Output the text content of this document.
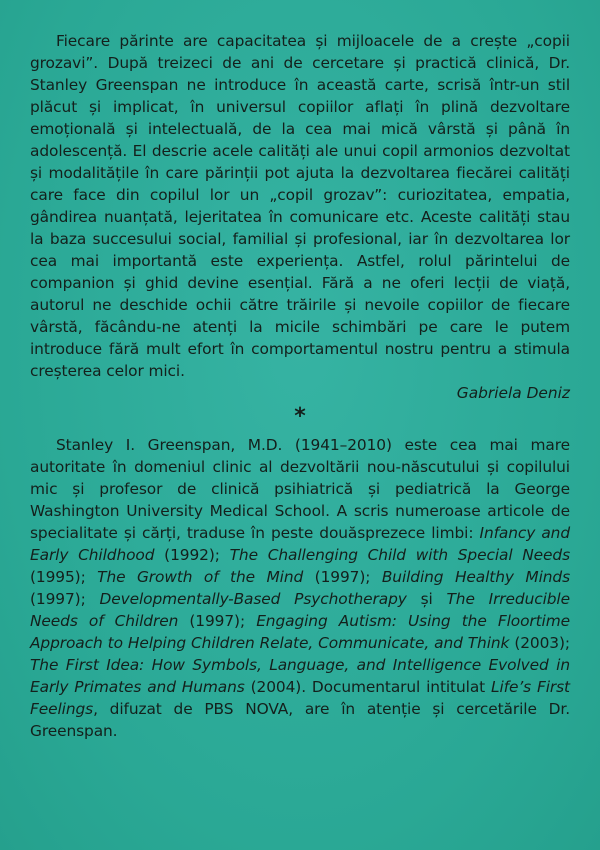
Fiecare părinte are capacitatea și mijloacele de a crește „copii grozavi”. După treizeci de ani de cercetare și practică clinică, Dr. Stanley Greenspan ne introduce în această carte, scrisă într-un stil plăcut și implicat, în universul copiilor aflați în plină dezvoltare emoțională și intelectuală, de la cea mai mică vârstă și până în adolescență. El descrie acele calități ale unui copil armonios dezvoltat și modalitățile în care părinții pot ajuta la dezvoltarea fiecărei calități care face din copilul lor un „copil grozav”: curiozitatea, empatia, gândirea nuanțată, lejeritatea în comunicare etc. Aceste calități stau la baza succesului social, familial și profesional, iar în dezvoltarea lor cea mai importantă este experiența. Astfel, rolul părintelui de companion și ghid devine esențial. Fără a ne oferi lecții de viață, autorul ne deschide ochii către trăirile și nevoile copiilor de fiecare vârstă, făcându-ne atenți la micile schimbări pe care le putem introduce fără mult efort în comportamentul nostru pentru a stimula creșterea celor mici.

Gabriela Deniz

*

Stanley I. Greenspan, M.D. (1941–2010) este cea mai mare autoritate în domeniul clinic al dezvoltării nou-născutului și copilului mic și profesor de clinică psihiatrică și pediatrică la George Washington University Medical School. A scris numeroase articole de specialitate și cărți, traduse în peste douăsprezece limbi: Infancy and Early Childhood (1992); The Challenging Child with Special Needs (1995); The Growth of the Mind (1997); Building Healthy Minds (1997); Developmentally-Based Psychotherapy și The Irreducible Needs of Children (1997); Engaging Autism: Using the Floortime Approach to Helping Children Relate, Communicate, and Think (2003); The First Idea: How Symbols, Language, and Intelligence Evolved in Early Primates and Humans (2004). Documentarul intitulat Life’s First Feelings, difuzat de PBS NOVA, are în atenție și cercetările Dr. Greenspan.
